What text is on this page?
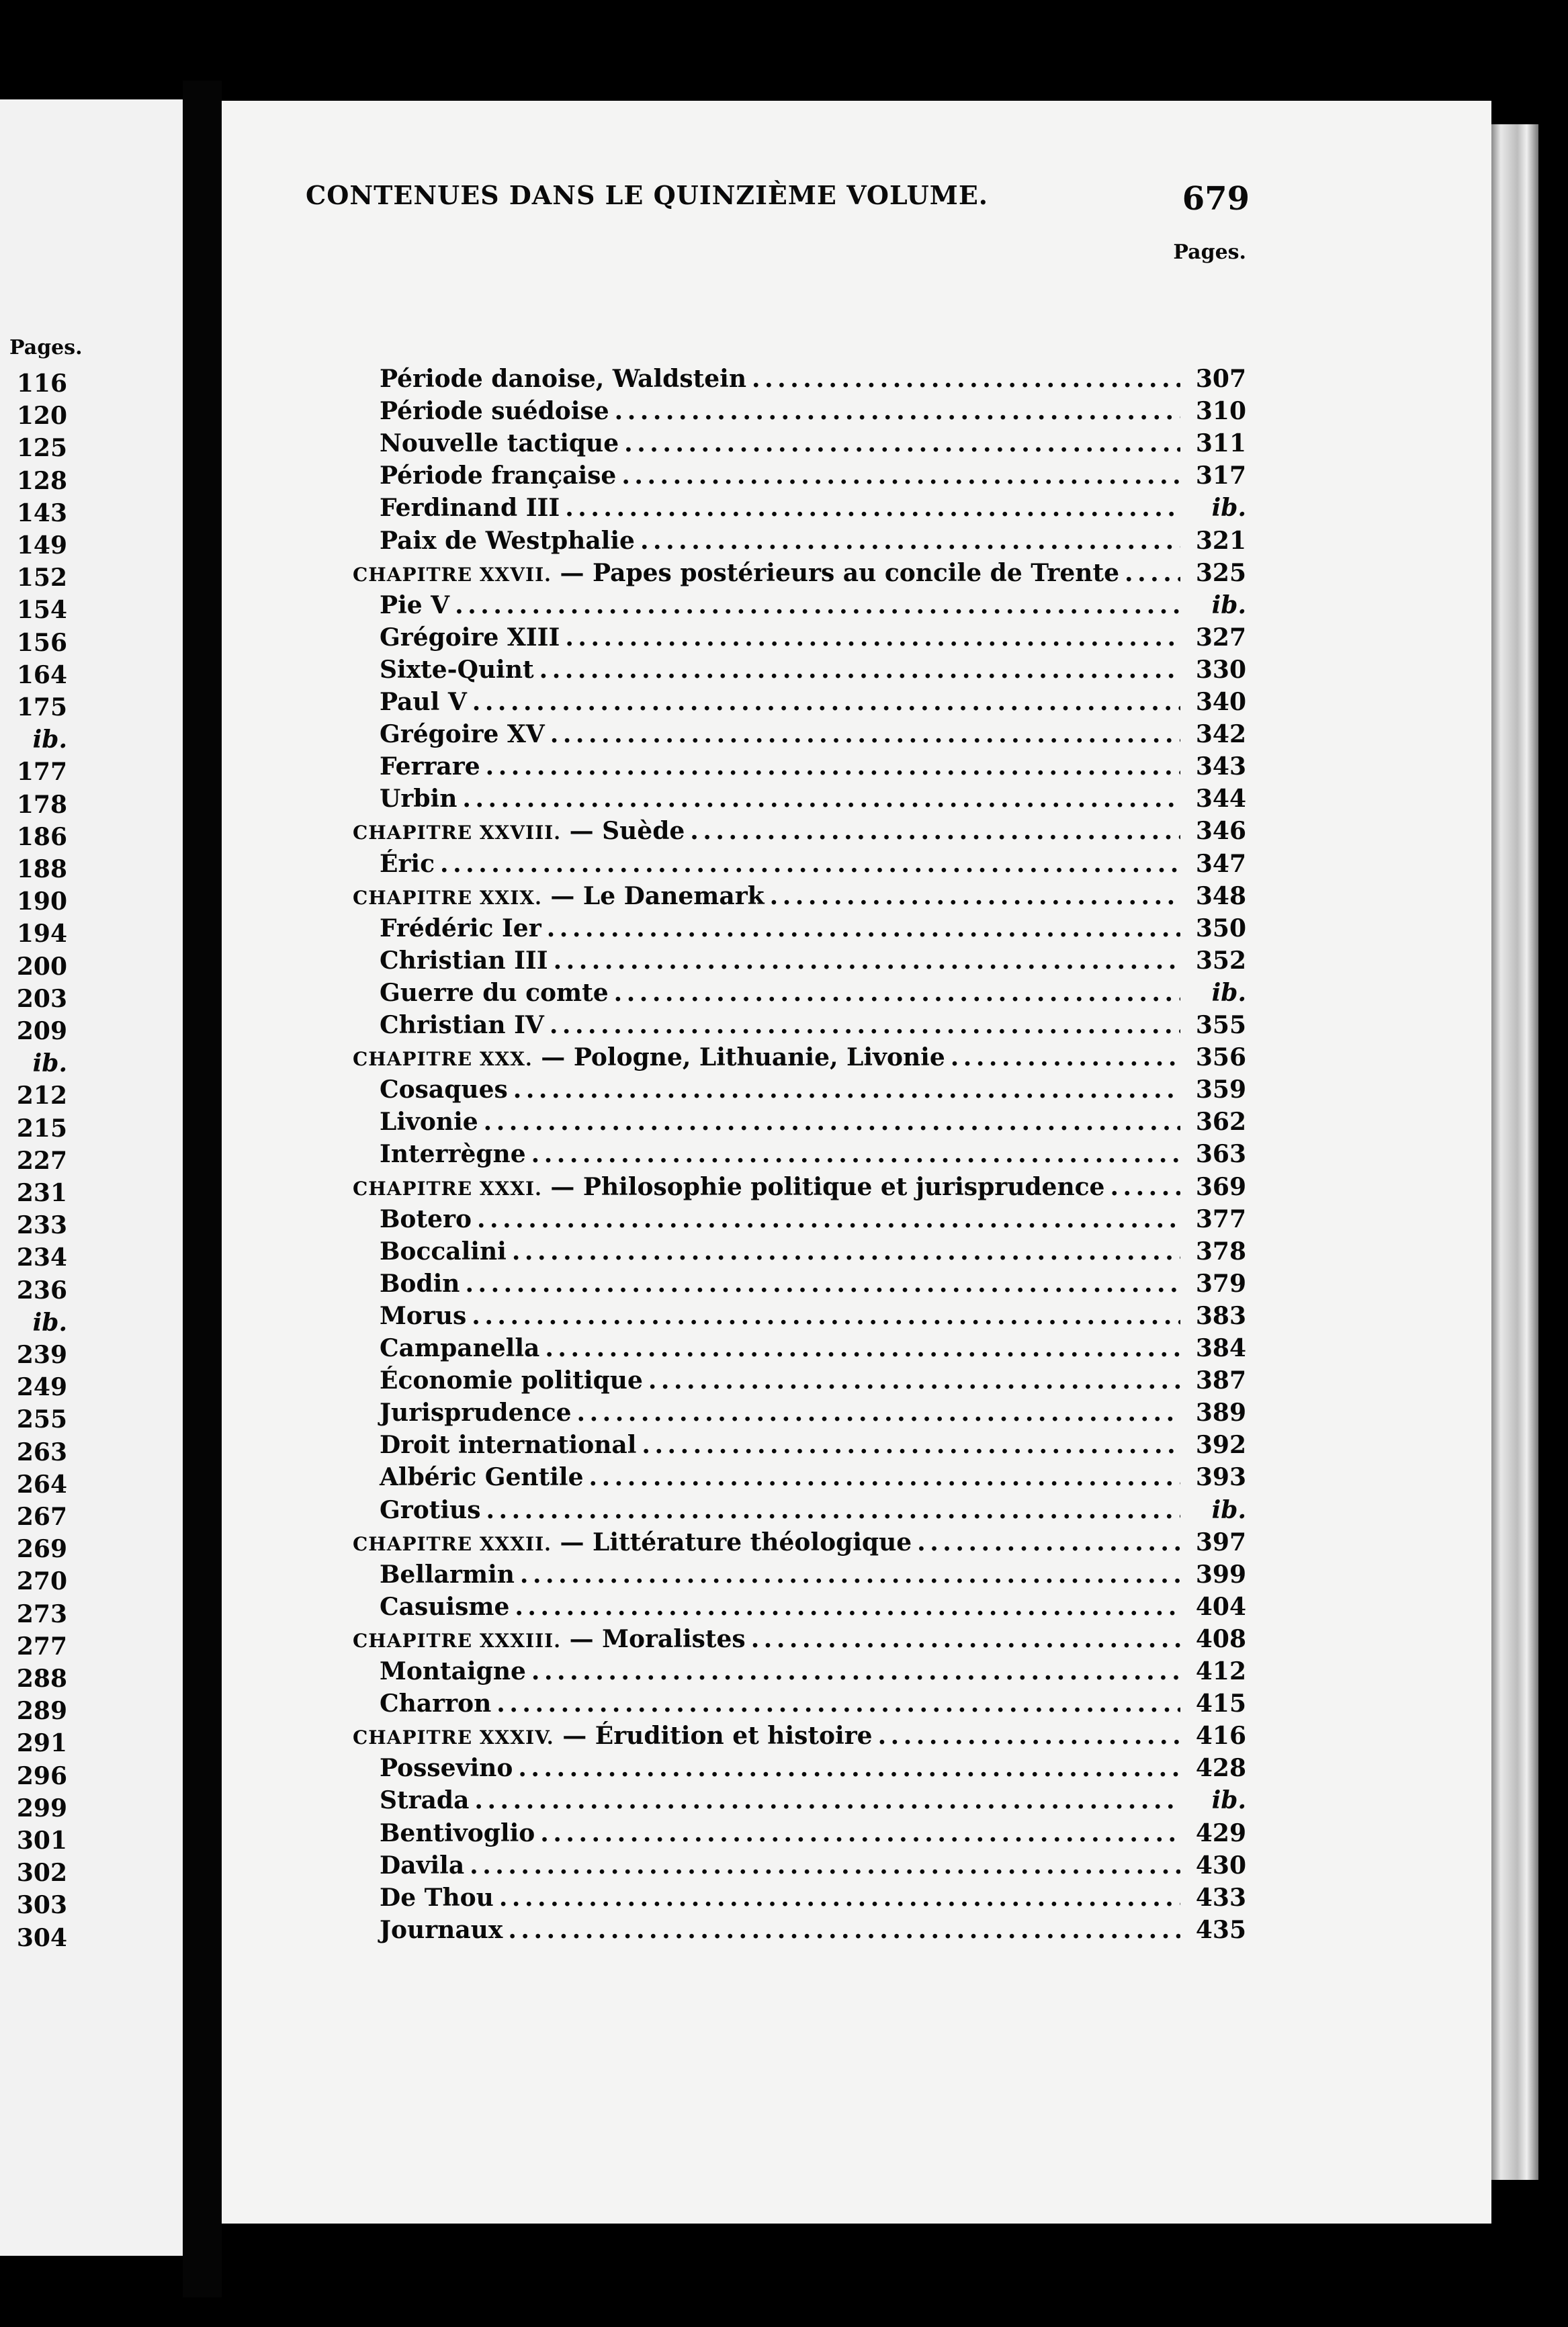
Pages.
116
120
125
128
143
149
152
154
156
164
175
ib.
177
178
186
188
190
194
200
203
209
ib.
212
215
227
231
233
234
236
ib.
239
249
255
263
264
267
269
270
273
277
288
289
291
296
299
301
302
303
304
CONTENUES DANS LE QUINZIÈME VOLUME.	679
Pages.
Période danoise, Waldstein . . .	307
Période suédoise . . .	310
Nouvelle tactique . . .	311
Période française . . .	317
Ferdinand III . . .	ib.
Paix de Westphalie . . .	321
CHAPITRE XXVII. — Papes postérieurs au concile de Trente . . .	325
Pie V . . .	ib.
Grégoire XIII . . .	327
Sixte-Quint . . .	330
Paul V . . .	340
Grégoire XV . . .	342
Ferrare . . .	343
Urbin . . .	344
CHAPITRE XXVIII. — Suède . . .	346
Éric . . .	347
CHAPITRE XXIX. — Le Danemark . . .	348
Frédéric Ier . . .	350
Christian III . . .	352
Guerre du comte . . .	ib.
Christian IV . . .	355
CHAPITRE XXX. — Pologne, Lithuanie, Livonie . . .	356
Cosaques . . .	359
Livonie . . .	362
Interrègne . . .	363
CHAPITRE XXXI. — Philosophie politique et jurisprudence . . .	369
Botero . . .	377
Boccalini . . .	378
Bodin . . .	379
Morus . . .	383
Campanella . . .	384
Économie politique . . .	387
Jurisprudence . . .	389
Droit international . . .	392
Albéric Gentile . . .	393
Grotius . . .	ib.
CHAPITRE XXXII. — Littérature théologique . . .	397
Bellarmin . . .	399
Casuisme . . .	404
CHAPITRE XXXIII. — Moralistes . . .	408
Montaigne . . .	412
Charron . . .	415
CHAPITRE XXXIV. — Érudition et histoire . . .	416
Possevino . . .	428
Strada . . .	ib.
Bentivoglio . . .	429
Davila . . .	430
De Thou . . .	433
Journaux . . .	435
